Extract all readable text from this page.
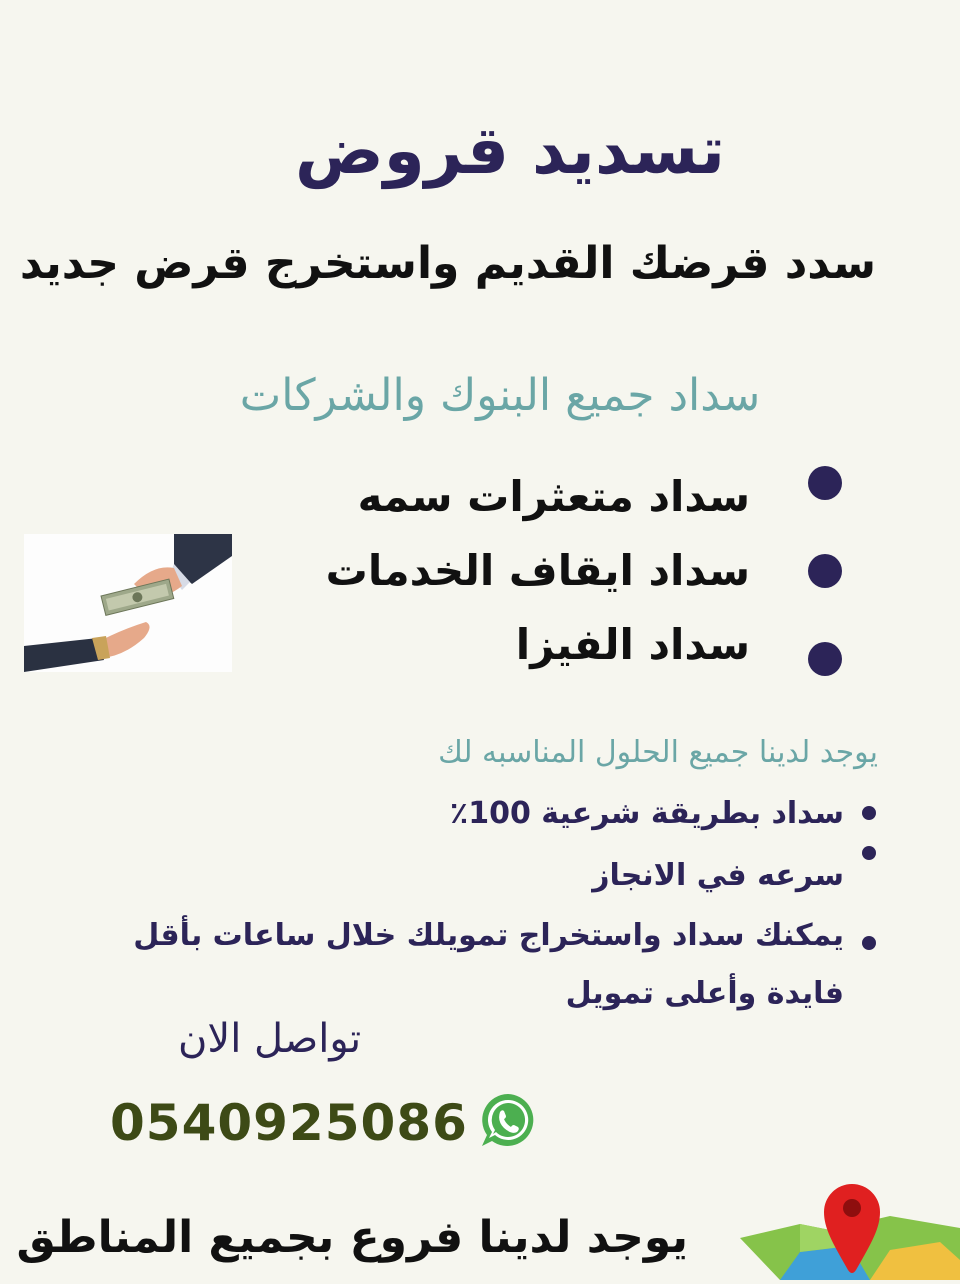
تسديد قروض
سدد قرضك القديم واستخرج قرض جديد
سداد جميع البنوك والشركات
سداد متعثرات سمه
سداد ايقاف الخدمات
سداد الفيزا
يوجد لدينا جميع الحلول المناسبه لك
سداد بطريقة شرعية 100٪
سرعه في الانجاز
يمكنك سداد واستخراج تمويلك خلال ساعات بأقل
فايدة وأعلى تمويل
تواصل الان
0540925086
يوجد لدينا فروع بجميع المناطق
